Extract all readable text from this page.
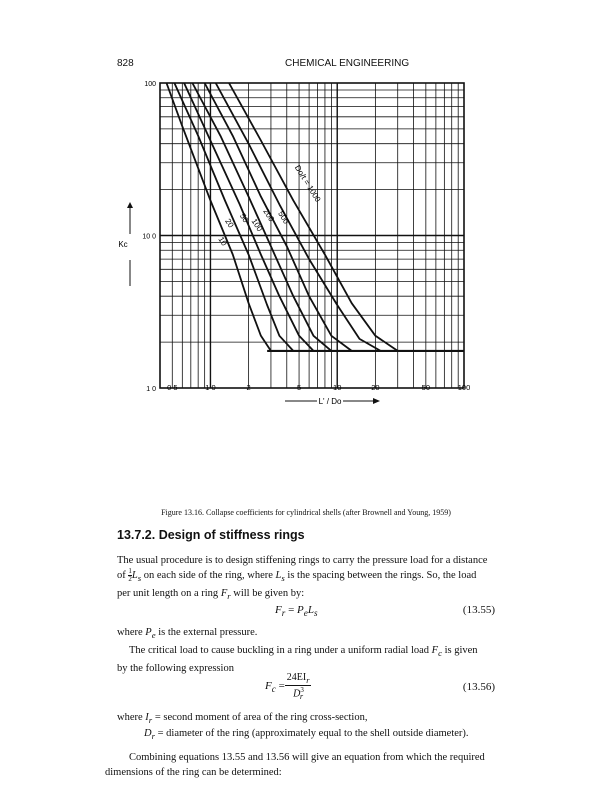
828	CHEMICAL ENGINEERING
0 5	1 0	2	5	10	20	50	100
100
10 0
1 0
10
20 50 100
200 500
Kc
L' / Do
Do/t = 1000
Figure 13.16. Collapse coefficients for cylindrical shells (after Brownell and Young, 1959)
13.7.2. Design of stiffness rings
The usual procedure is to design stiffening rings to carry the pressure load for a distance
of $\frac{1}{2} L_s$ on each side of the ring, where $L_s$ is the spacing between the rings. So, the load
per unit length on a ring $F_r$ will be given by:
$F_r = P_eL_s$	(13.55)
where $P_e$ is the external pressure.
The critical load to cause buckling in a ring under a uniform radial load $F_c$ is given
by the following expression
$F_c = \frac{24EI_r}{D^3_r}$	(13.56)
where $I_r$ = second moment of area of the ring cross-section,
$D_r$ = diameter of the ring (approximately equal to the shell outside diameter).
Combining equations 13.55 and 13.56 will give an equation from which the required
dimensions of the ring can be determined:
